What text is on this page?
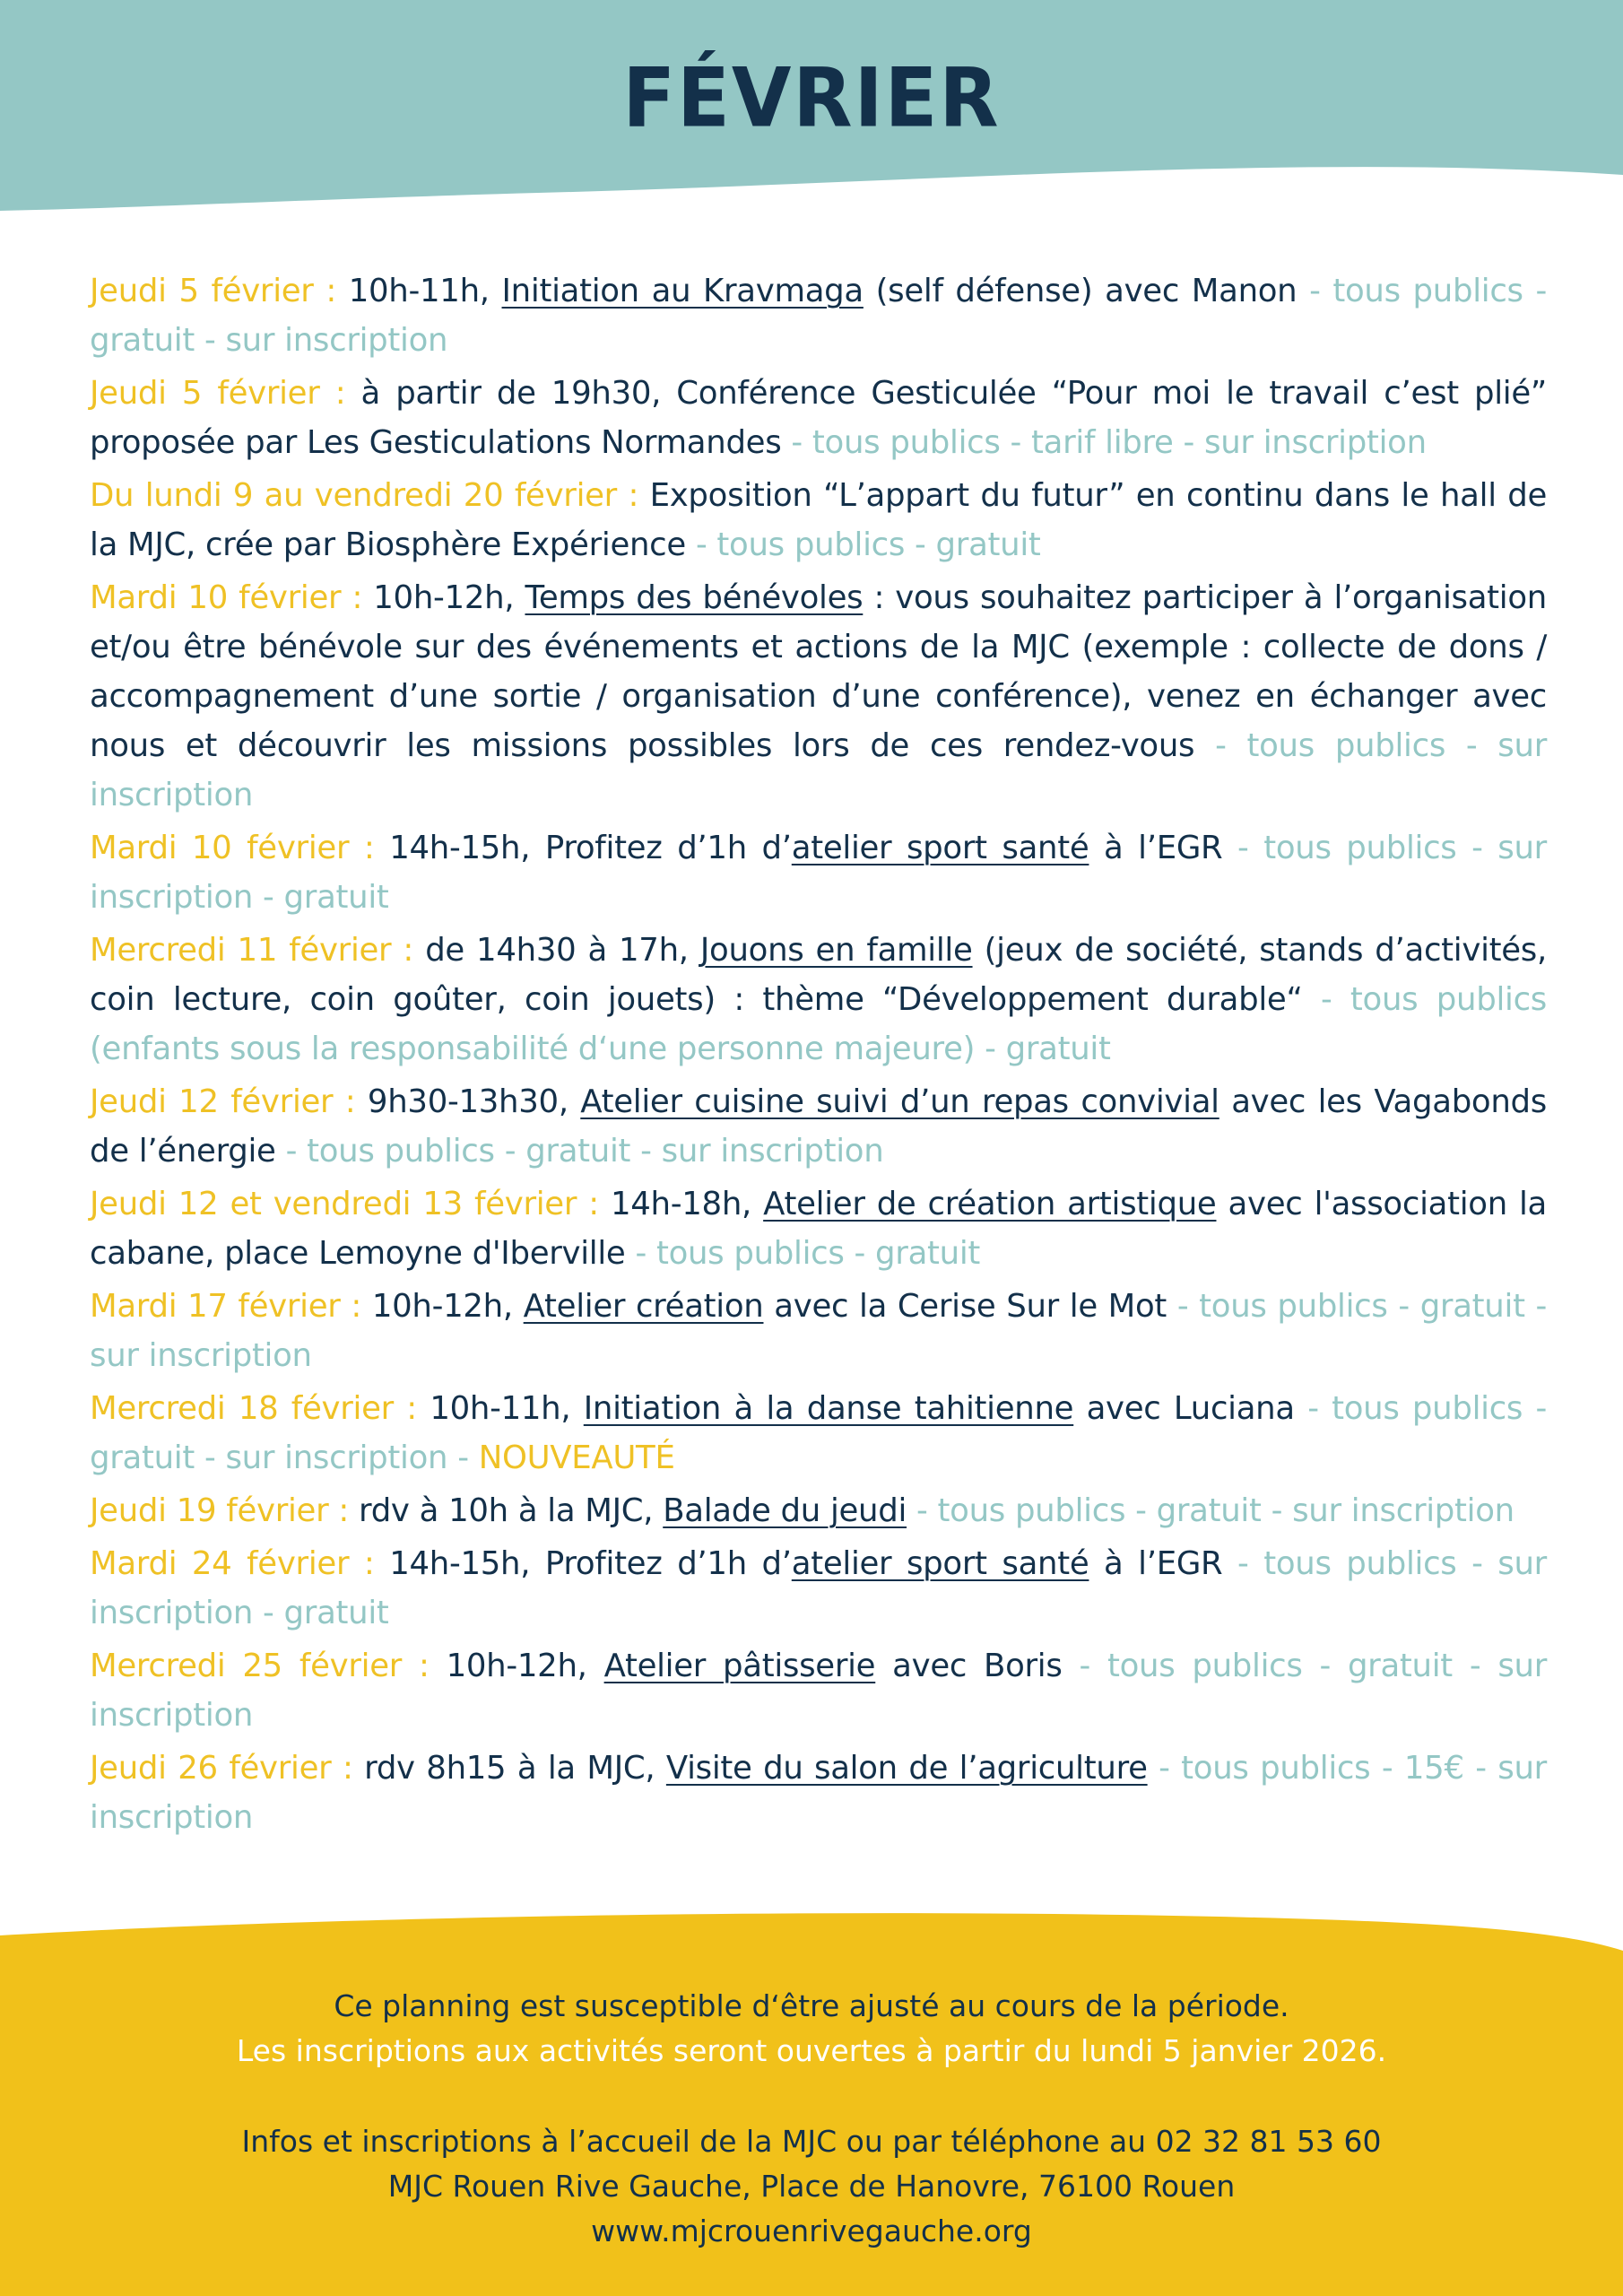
FÉVRIER

Jeudi 5 février : 10h-11h, Initiation au Kravmaga (self défense) avec Manon - tous publics - gratuit - sur inscription

Jeudi 5 février : à partir de 19h30, Conférence Gesticulée “Pour moi le travail c’est plié” proposée par Les Gesticulations Normandes - tous publics - tarif libre - sur inscription

Du lundi 9 au vendredi 20 février : Exposition “L’appart du futur” en continu dans le hall de la MJC, crée par Biosphère Expérience - tous publics - gratuit

Mardi 10 février : 10h-12h, Temps des bénévoles : vous souhaitez participer à l’organisation et/ou être bénévole sur des événements et actions de la MJC (exemple : collecte de dons / accompagnement d’une sortie / organisation d’une conférence), venez en échanger avec nous et découvrir les missions possibles lors de ces rendez-vous - tous publics - sur inscription

Mardi 10 février : 14h-15h, Profitez d’1h d’atelier sport santé à l’EGR - tous publics - sur inscription - gratuit

Mercredi 11 février : de 14h30 à 17h, Jouons en famille (jeux de société, stands d’activités, coin lecture, coin goûter, coin jouets) : thème “Développement durable“ - tous publics (enfants sous la responsabilité d‘une personne majeure) - gratuit

Jeudi 12 février : 9h30-13h30, Atelier cuisine suivi d’un repas convivial avec les Vagabonds de l’énergie - tous publics - gratuit - sur inscription

Jeudi 12 et vendredi 13 février : 14h-18h, Atelier de création artistique avec l'association la cabane, place Lemoyne d'Iberville - tous publics - gratuit

Mardi 17 février : 10h-12h, Atelier création avec la Cerise Sur le Mot - tous publics - gratuit - sur inscription

Mercredi 18 février : 10h-11h, Initiation à la danse tahitienne avec Luciana - tous publics - gratuit - sur inscription - NOUVEAUTÉ

Jeudi 19 février : rdv à 10h à la MJC, Balade du jeudi - tous publics - gratuit - sur inscription

Mardi 24 février : 14h-15h, Profitez d’1h d’atelier sport santé à l’EGR - tous publics - sur inscription - gratuit

Mercredi 25 février : 10h-12h, Atelier pâtisserie avec Boris - tous publics - gratuit - sur inscription

Jeudi 26 février : rdv 8h15 à la MJC, Visite du salon de l’agriculture - tous publics - 15€ - sur inscription

Ce planning est susceptible d‘être ajusté au cours de la période.
Les inscriptions aux activités seront ouvertes à partir du lundi 5 janvier 2026.
Infos et inscriptions à l’accueil de la MJC ou par téléphone au 02 32 81 53 60
MJC Rouen Rive Gauche, Place de Hanovre, 76100 Rouen
www.mjcrouenrivegauche.org
